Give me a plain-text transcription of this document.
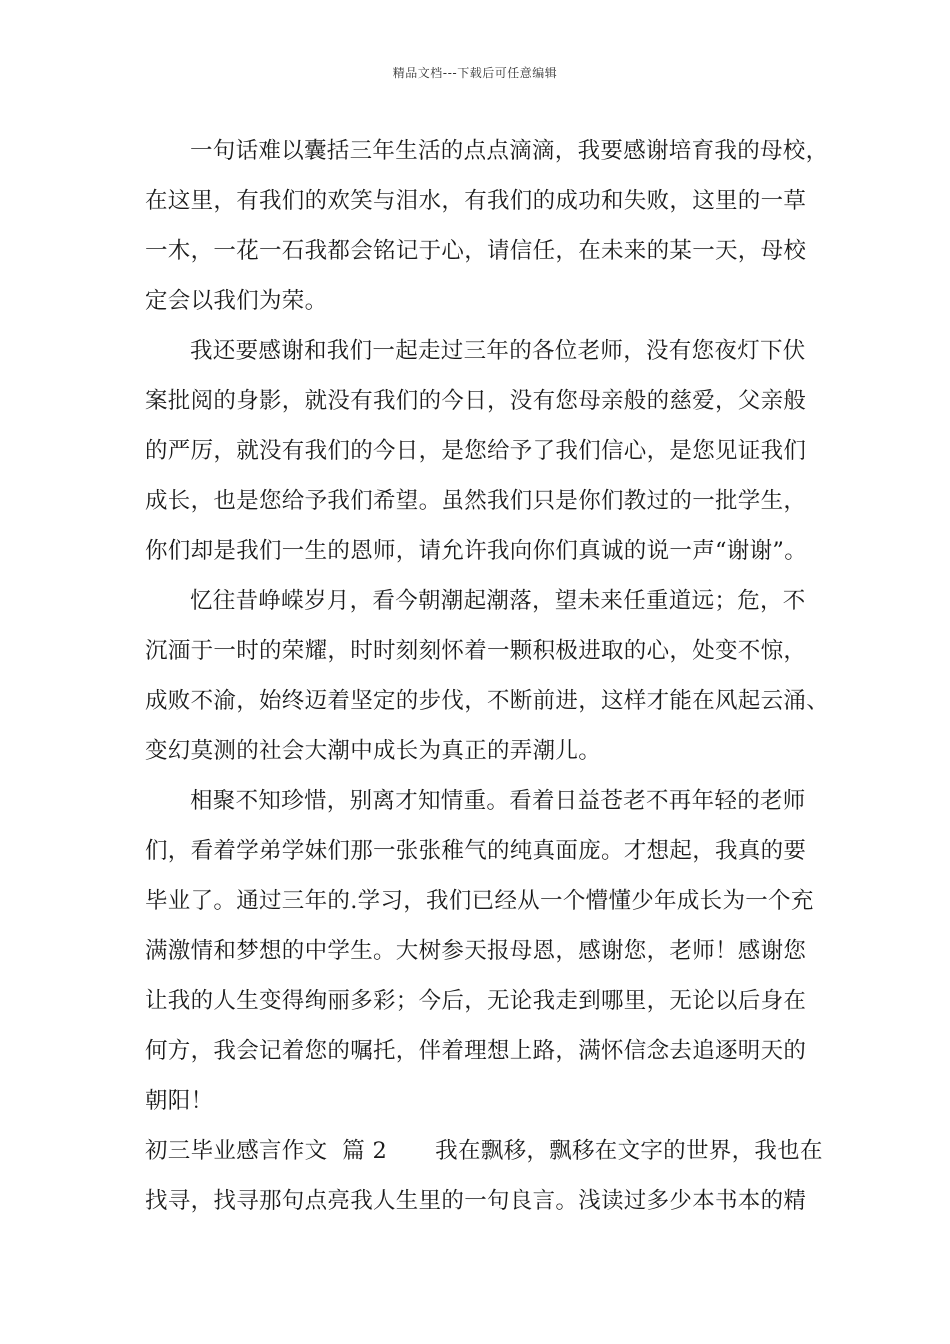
精品文档---下载后可任意编辑
一句话难以囊括三年生活的点点滴滴，我要感谢培育我的母校，
在这里，有我们的欢笑与泪水，有我们的成功和失败，这里的一草
一木，一花一石我都会铭记于心，请信任，在未来的某一天，母校
定会以我们为荣。
我还要感谢和我们一起走过三年的各位老师，没有您夜灯下伏
案批阅的身影，就没有我们的今日，没有您母亲般的慈爱，父亲般
的严厉，就没有我们的今日，是您给予了我们信心，是您见证我们
成长，也是您给予我们希望。虽然我们只是你们教过的一批学生，
你们却是我们一生的恩师，请允许我向你们真诚的说一声“谢谢”。
忆往昔峥嵘岁月，看今朝潮起潮落，望未来任重道远；危，不
沉湎于一时的荣耀，时时刻刻怀着一颗积极进取的心，处变不惊，
成败不渝，始终迈着坚定的步伐，不断前进，这样才能在风起云涌、
变幻莫测的社会大潮中成长为真正的弄潮儿。
相聚不知珍惜，别离才知情重。看着日益苍老不再年轻的老师
们，看着学弟学妹们那一张张稚气的纯真面庞。才想起，我真的要
毕业了。通过三年的.学习，我们已经从一个懵懂少年成长为一个充
满激情和梦想的中学生。大树参天报母恩，感谢您，老师！感谢您
让我的人生变得绚丽多彩；今后，无论我走到哪里，无论以后身在
何方，我会记着您的嘱托，伴着理想上路，满怀信念去追逐明天的
朝阳！
初三毕业感言作文  篇 2 我在飘移，飘移在文字的世界，我也在
找寻，找寻那句点亮我人生里的一句良言。浅读过多少本书本的精
